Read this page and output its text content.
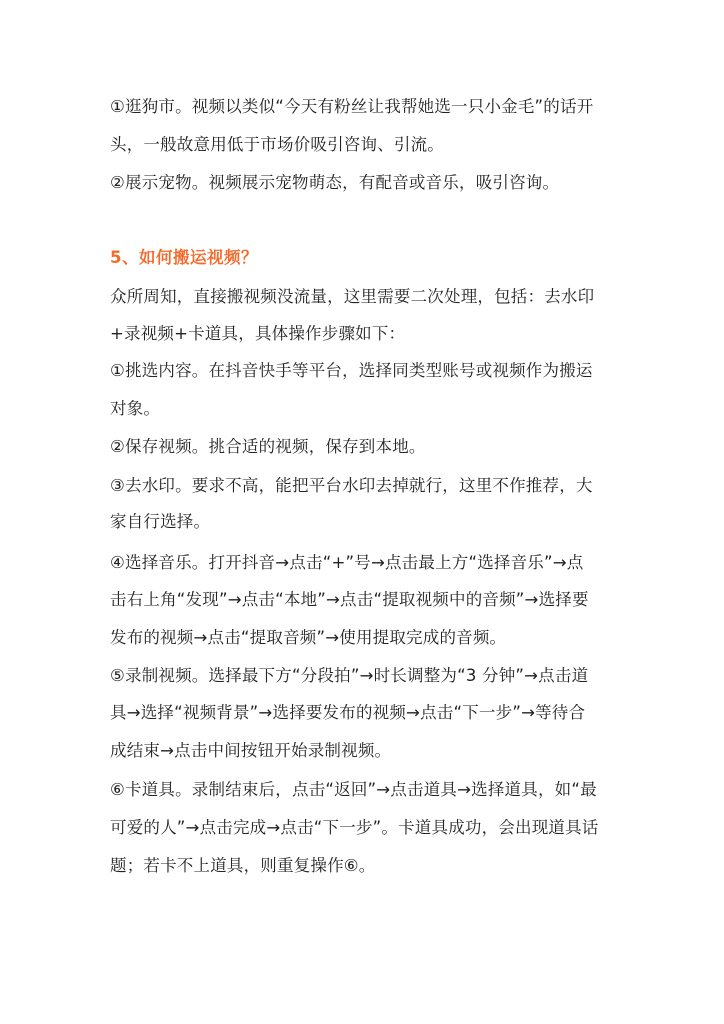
①逛狗市。视频以类似“今天有粉丝让我帮她选一只小金毛”的话开
头，一般故意用低于市场价吸引咨询、引流。
②展示宠物。视频展示宠物萌态，有配音或音乐，吸引咨询。
5、如何搬运视频？
众所周知，直接搬视频没流量，这里需要二次处理，包括：去水印
+录视频+卡道具，具体操作步骤如下：
①挑选内容。在抖音快手等平台，选择同类型账号或视频作为搬运
对象。
②保存视频。挑合适的视频，保存到本地。
③去水印。要求不高，能把平台水印去掉就行，这里不作推荐，大
家自行选择。
④选择音乐。打开抖音→点击“+”号→点击最上方“选择音乐”→点
击右上角“发现”→点击“本地”→点击“提取视频中的音频”→选择要
发布的视频→点击“提取音频”→使用提取完成的音频。
⑤录制视频。选择最下方“分段拍”→时长调整为“3 分钟”→点击道
具→选择“视频背景”→选择要发布的视频→点击“下一步”→等待合
成结束→点击中间按钮开始录制视频。
⑥卡道具。录制结束后，点击“返回”→点击道具→选择道具，如“最
可爱的人”→点击完成→点击“下一步”。卡道具成功，会出现道具话
题；若卡不上道具，则重复操作⑥。
